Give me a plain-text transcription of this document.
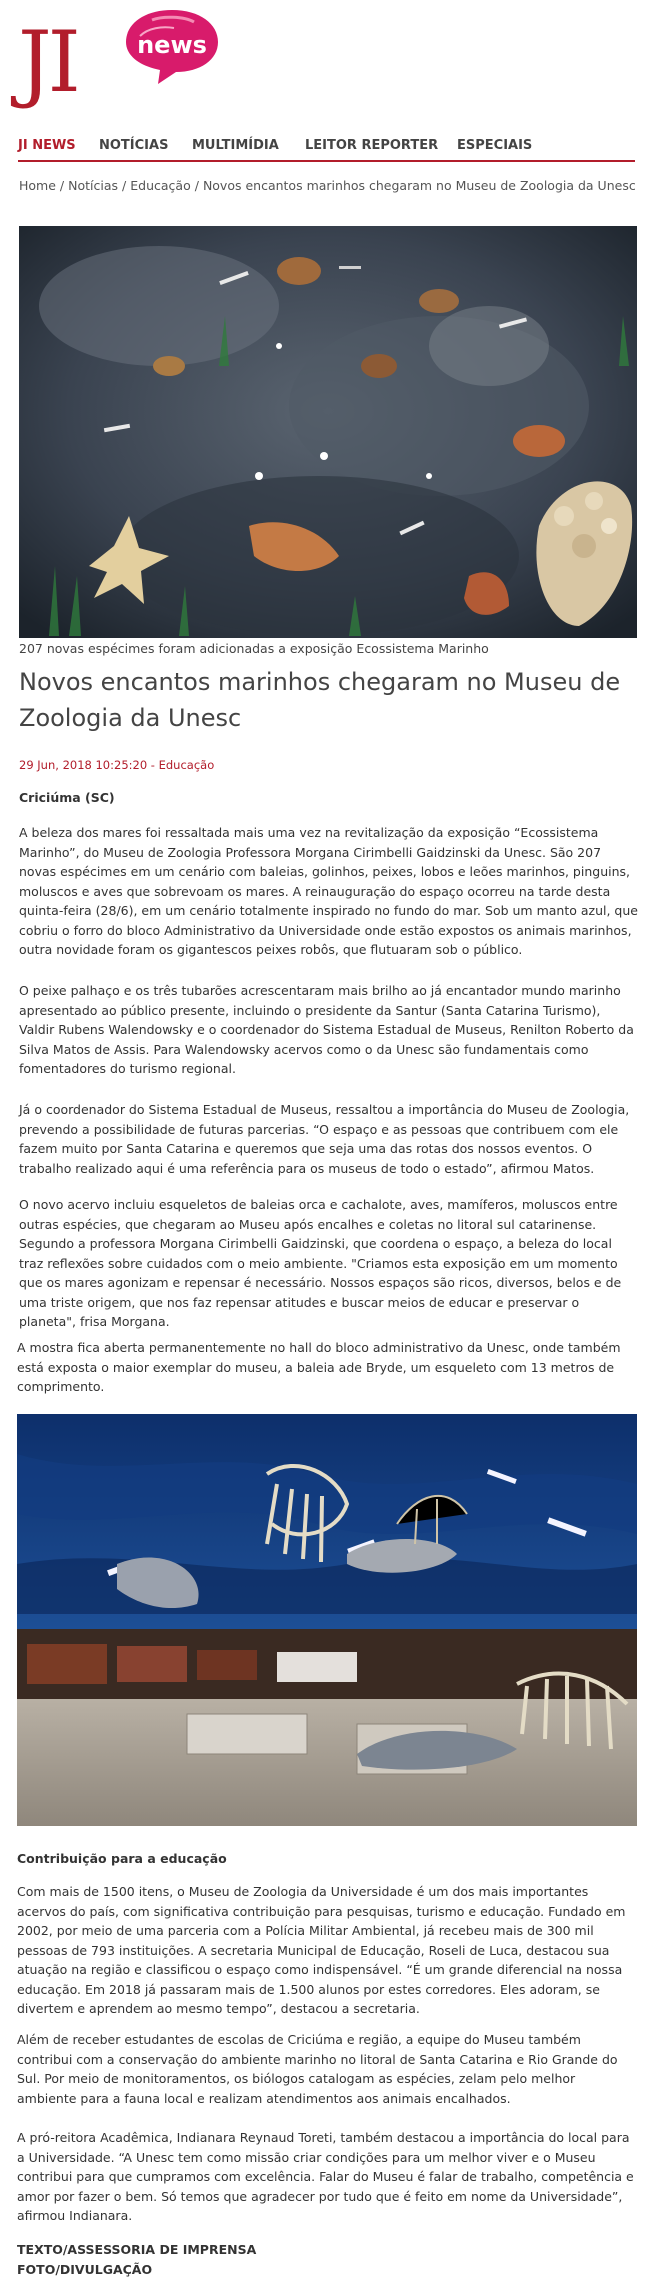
JI	news
JI NEWS NOTÍCIAS MULTIMÍDIA LEITOR REPORTER ESPECIAIS
Home / Notícias / Educação / Novos encantos marinhos chegaram no Museu de Zoologia da Unesc
207 novas espécimes foram adicionadas a exposição Ecossistema Marinho
Novos encantos marinhos chegaram no Museu de Zoologia da Unesc
29 Jun, 2018 10:25:20 - Educação
Criciúma (SC)

A beleza dos mares foi ressaltada mais uma vez na revitalização da exposição “Ecossistema Marinho”, do Museu de Zoologia Professora Morgana Cirimbelli Gaidzinski da Unesc. São 207 novas espécimes em um cenário com baleias, golinhos, peixes, lobos e leões marinhos, pinguins, moluscos e aves que sobrevoam os mares. A reinauguração do espaço ocorreu na tarde desta quinta-feira (28/6), em um cenário totalmente inspirado no fundo do mar. Sob um manto azul, que cobriu o forro do bloco Administrativo da Universidade onde estão expostos os animais marinhos, outra novidade foram os gigantescos peixes robôs, que flutuaram sob o público.

O peixe palhaço e os três tubarões acrescentaram mais brilho ao já encantador mundo marinho apresentado ao público presente, incluindo o presidente da Santur (Santa Catarina Turismo), Valdir Rubens Walendowsky e o coordenador do Sistema Estadual de Museus, Renilton Roberto da Silva Matos de Assis. Para Walendowsky acervos como o da Unesc são fundamentais como fomentadores do turismo regional.

Já o coordenador do Sistema Estadual de Museus, ressaltou a importância do Museu de Zoologia, prevendo a possibilidade de futuras parcerias. “O espaço e as pessoas que contribuem com ele fazem muito por Santa Catarina e queremos que seja uma das rotas dos nossos eventos. O trabalho realizado aqui é uma referência para os museus de todo o estado”, afirmou Matos.

O novo acervo incluiu esqueletos de baleias orca e cachalote, aves, mamíferos, moluscos entre outras espécies, que chegaram ao Museu após encalhes e coletas no litoral sul catarinense. Segundo a professora Morgana Cirimbelli Gaidzinski, que coordena o espaço, a beleza do local traz reflexões sobre cuidados com o meio ambiente. "Criamos esta exposição em um momento que os mares agonizam e repensar é necessário. Nossos espaços são ricos, diversos, belos e de uma triste origem, que nos faz repensar atitudes e buscar meios de educar e preservar o planeta", frisa Morgana.

A mostra fica aberta permanentemente no hall do bloco administrativo da Unesc, onde também está exposta o maior exemplar do museu, a baleia ade Bryde, um esqueleto com 13 metros de comprimento.

Contribuição para a educação

Com mais de 1500 itens, o Museu de Zoologia da Universidade é um dos mais importantes acervos do país, com significativa contribuição para pesquisas, turismo e educação. Fundado em 2002, por meio de uma parceria com a Polícia Militar Ambiental, já recebeu mais de 300 mil pessoas de 793 instituições. A secretaria Municipal de Educação, Roseli de Luca, destacou sua atuação na região e classificou o espaço como indispensável. “É um grande diferencial na nossa educação. Em 2018 já passaram mais de 1.500 alunos por estes corredores. Eles adoram, se divertem e aprendem ao mesmo tempo”, destacou a secretaria.

Além de receber estudantes de escolas de Criciúma e região, a equipe do Museu também contribui com a conservação do ambiente marinho no litoral de Santa Catarina e Rio Grande do Sul. Por meio de monitoramentos, os biólogos catalogam as espécies, zelam pelo melhor ambiente para a fauna local e realizam atendimentos aos animais encalhados.

A pró-reitora Acadêmica, Indianara Reynaud Toreti, também destacou a importância do local para a Universidade. “A Unesc tem como missão criar condições para um melhor viver e o Museu contribui para que cumpramos com excelência. Falar do Museu é falar de trabalho, competência e amor por fazer o bem. Só temos que agradecer por tudo que é feito em nome da Universidade”, afirmou Indianara.

TEXTO/ASSESSORIA DE IMPRENSA
FOTO/DIVULGAÇÃO
